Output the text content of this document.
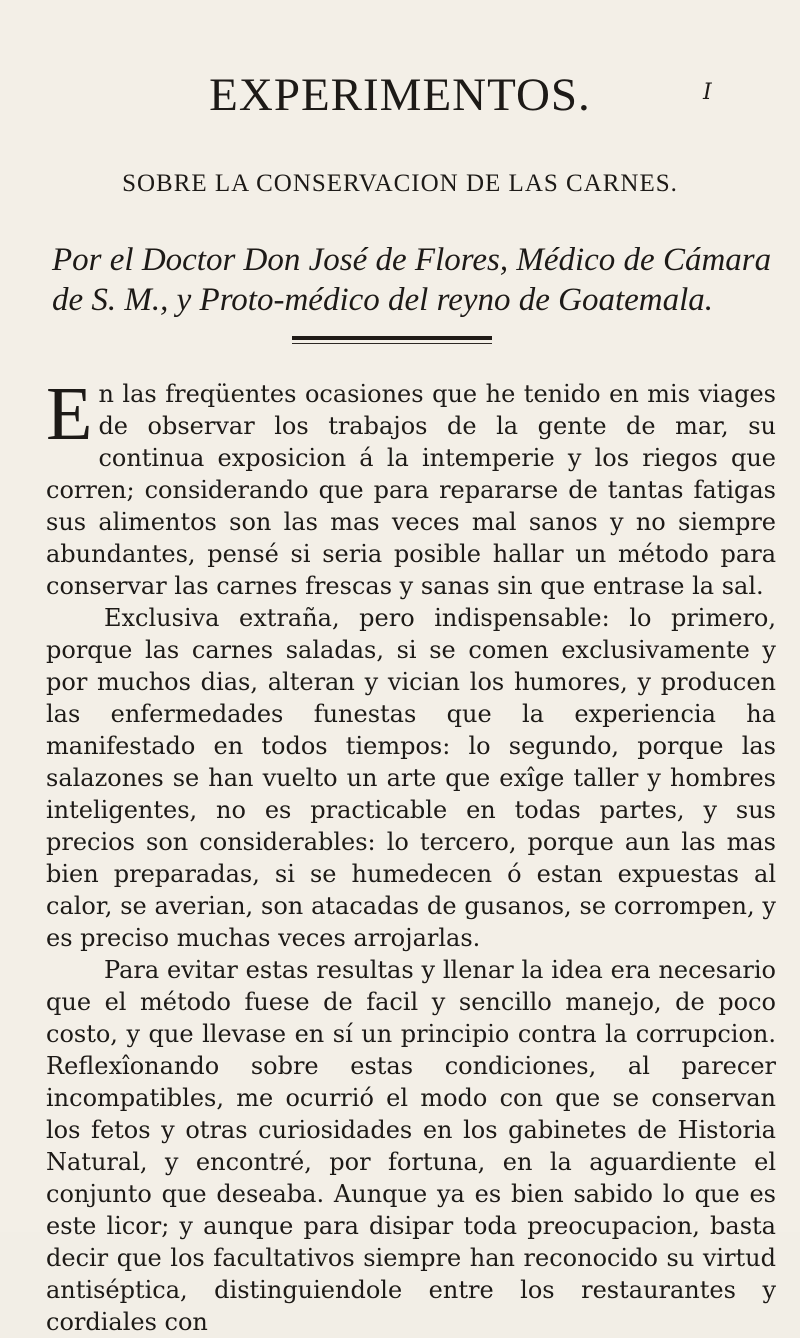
I
EXPERIMENTOS.
SOBRE LA CONSERVACION DE LAS CARNES.
Por el Doctor Don José de Flores, Médico de Cámara de S. M., y Proto-médico del reyno de Goatemala.

En las freqüentes ocasiones que he tenido en mis viages de observar los trabajos de la gente de mar, su continua exposicion á la intemperie y los riegos que corren; considerando que para repararse de tantas fatigas sus alimentos son las mas veces mal sanos y no siempre abundantes, pensé si seria posible hallar un método para conservar las carnes frescas y sanas sin que entrase la sal.

Exclusiva extraña, pero indispensable: lo primero, porque las carnes saladas, si se comen exclusivamente y por muchos dias, alteran y vician los humores, y producen las enfermedades funestas que la experiencia ha manifestado en todos tiempos: lo segundo, porque las salazones se han vuelto un arte que exîge taller y hombres inteligentes, no es practicable en todas partes, y sus precios son considerables: lo tercero, porque aun las mas bien preparadas, si se humedecen ó estan expuestas al calor, se averian, son atacadas de gusanos, se corrompen, y es preciso muchas veces arrojarlas.

Para evitar estas resultas y llenar la idea era necesario que el método fuese de facil y sencillo manejo, de poco costo, y que llevase en sí un principio contra la corrupcion. Reflexîonando sobre estas condiciones, al parecer incompatibles, me ocurrió el modo con que se conservan los fetos y otras curiosidades en los gabinetes de Historia Natural, y encontré, por fortuna, en la aguardiente el conjunto que deseaba. Aunque ya es bien sabido lo que es este licor; y aunque para disipar toda preocupacion, basta decir que los facultativos siempre han reconocido su virtud antiséptica, distinguiendole entre los restaurantes y cordiales con
